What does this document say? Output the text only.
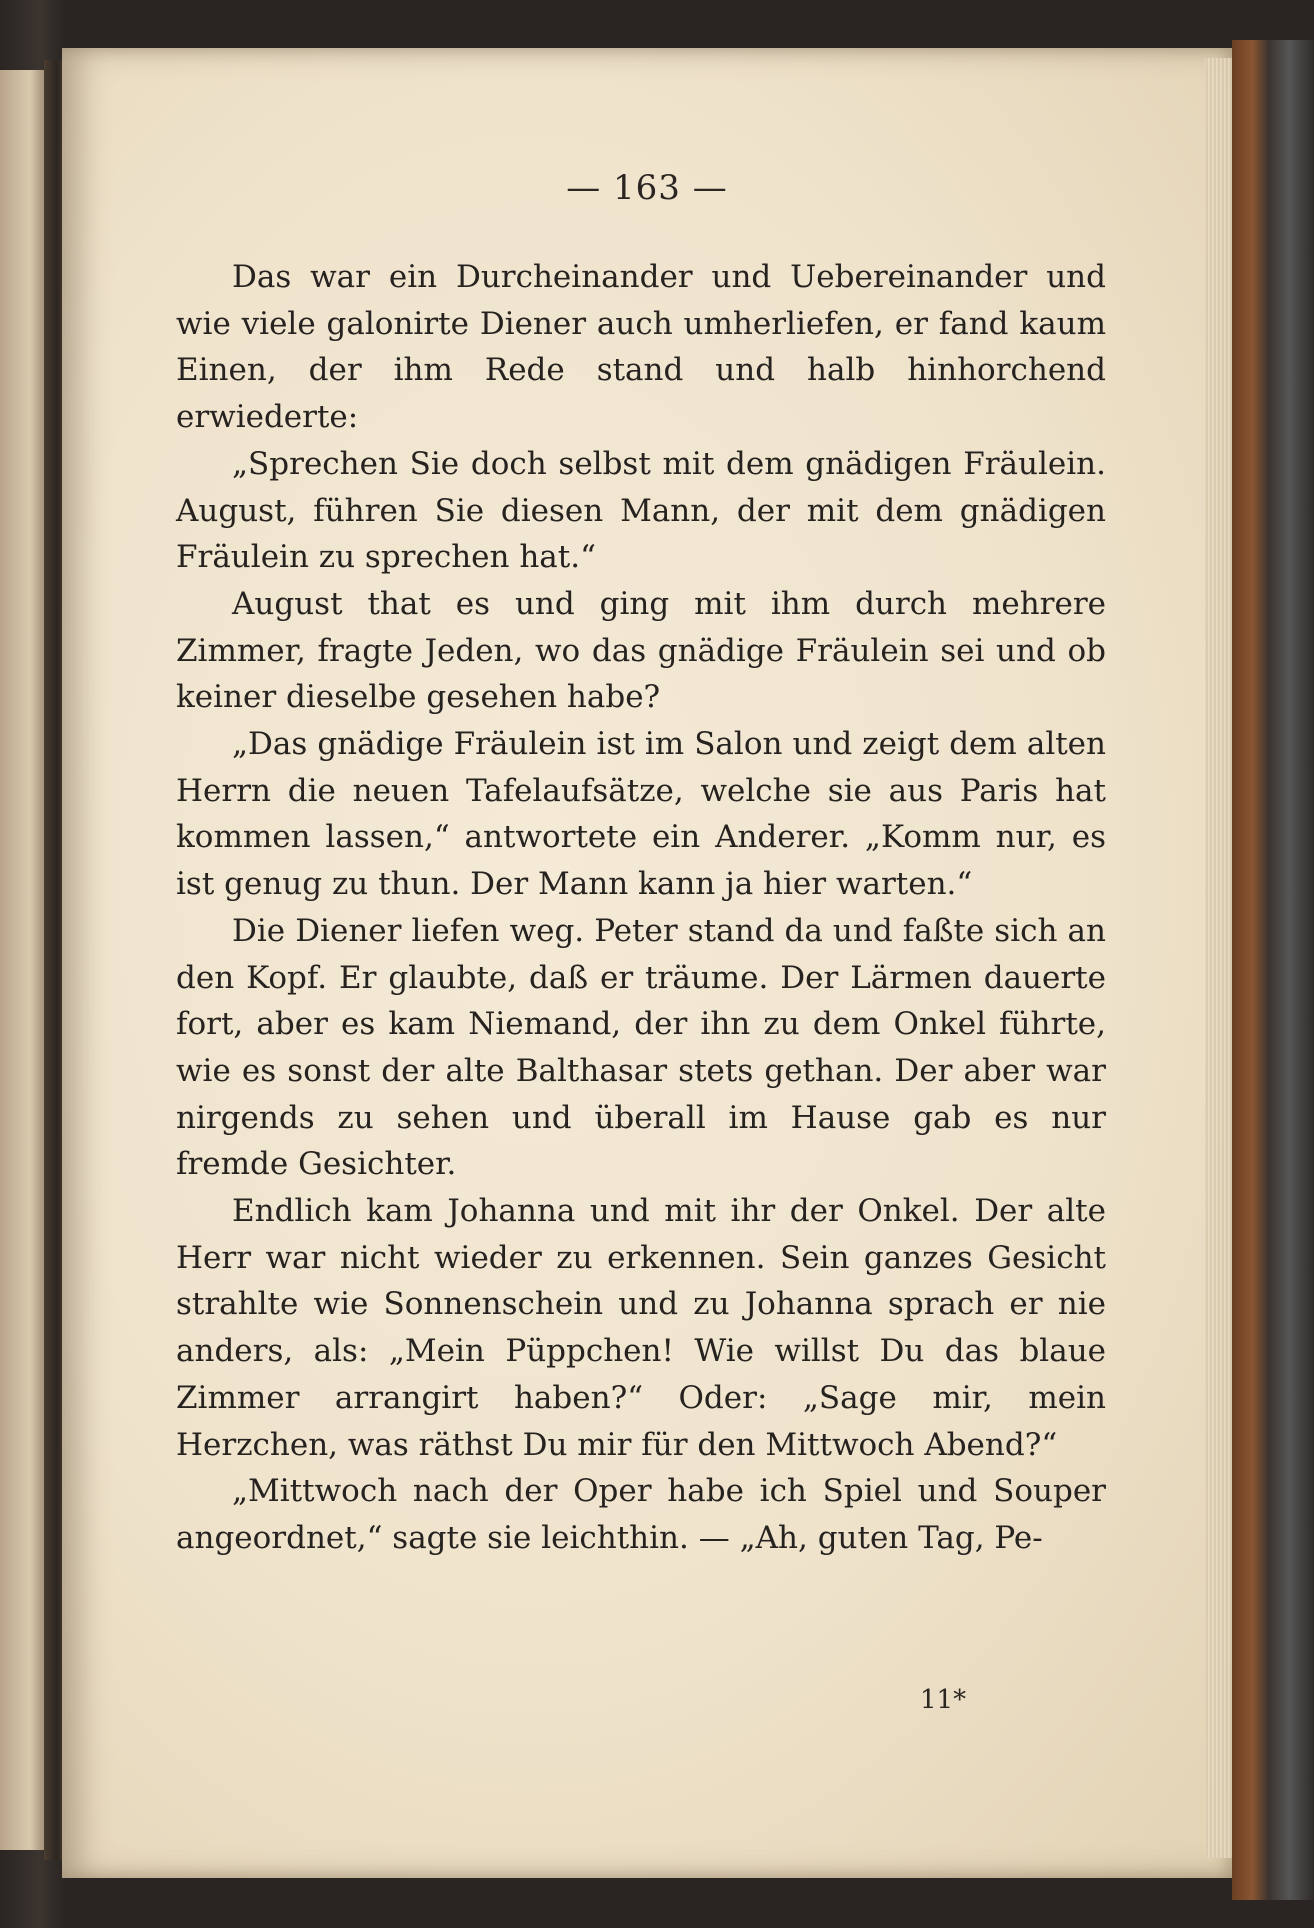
— 163 —

Das war ein Durcheinander und Uebereinander und wie viele galonirte Diener auch umherliefen, er fand kaum Einen, der ihm Rede stand und halb hinhorchend erwiederte:

„Sprechen Sie doch selbst mit dem gnädigen Fräulein. August, führen Sie diesen Mann, der mit dem gnädigen Fräulein zu sprechen hat.“

August that es und ging mit ihm durch mehrere Zimmer, fragte Jeden, wo das gnädige Fräulein sei und ob keiner dieselbe gesehen habe?

„Das gnädige Fräulein ist im Salon und zeigt dem alten Herrn die neuen Tafelaufsätze, welche sie aus Paris hat kommen lassen,“ antwortete ein Anderer. „Komm nur, es ist genug zu thun. Der Mann kann ja hier warten.“

Die Diener liefen weg. Peter stand da und faßte sich an den Kopf. Er glaubte, daß er träume. Der Lärmen dauerte fort, aber es kam Niemand, der ihn zu dem Onkel führte, wie es sonst der alte Balthasar stets gethan. Der aber war nirgends zu sehen und überall im Hause gab es nur fremde Gesichter.

Endlich kam Johanna und mit ihr der Onkel. Der alte Herr war nicht wieder zu erkennen. Sein ganzes Gesicht strahlte wie Sonnenschein und zu Johanna sprach er nie anders, als: „Mein Püppchen! Wie willst Du das blaue Zimmer arrangirt haben?“ Oder: „Sage mir, mein Herzchen, was räthst Du mir für den Mittwoch Abend?“

„Mittwoch nach der Oper habe ich Spiel und Souper angeordnet,“ sagte sie leichthin. — „Ah, guten Tag, Pe-

11*
